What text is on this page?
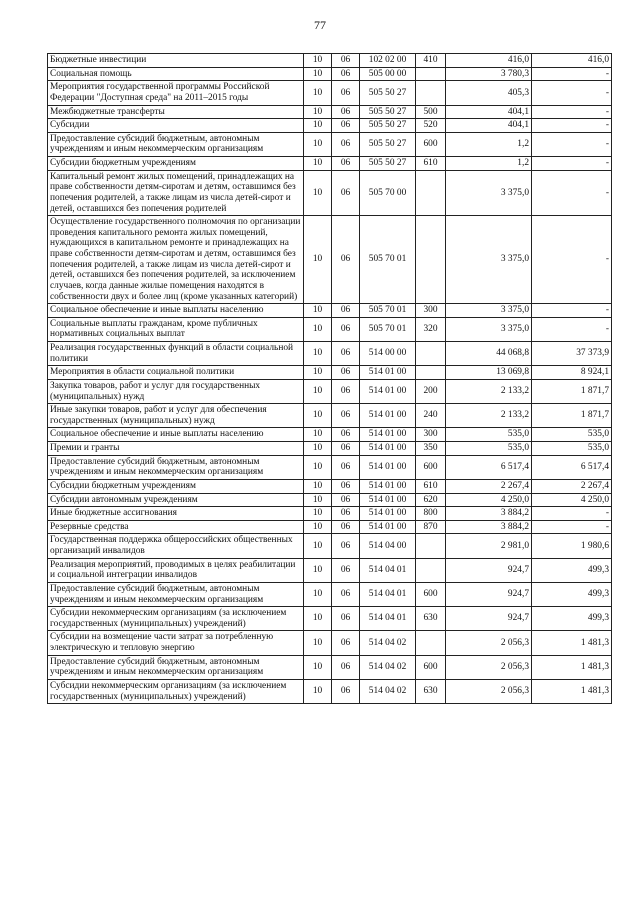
77
Бюджетные инвестиции	10	06	102 02 00	410	416,0	416,0
Социальная помощь	10	06	505 00 00		3 780,3	-
Мероприятия государственной программы Российской Федерации "Доступная среда" на 2011–2015 годы	10	06	505 50 27		405,3	-
Межбюджетные трансферты	10	06	505 50 27	500	404,1	-
Субсидии	10	06	505 50 27	520	404,1	-
Предоставление субсидий бюджетным, автономным учреждениям и иным некоммерческим организациям	10	06	505 50 27	600	1,2	-
Субсидии бюджетным учреждениям	10	06	505 50 27	610	1,2	-
Капитальный ремонт жилых помещений, принадлежащих на праве собственности детям-сиротам и детям, оставшимся без попечения родителей, а также лицам из числа детей-сирот и детей, оставшихся без попечения родителей	10	06	505 70 00		3 375,0	-
Осуществление государственного полномочия по организации проведения капитального ремонта жилых помещений, нуждающихся в капитальном ремонте и принадлежащих на праве собственности детям-сиротам и детям, оставшимся без попечения родителей, а также лицам из числа детей-сирот и детей, оставшихся без попечения родителей, за исключением случаев, когда данные жилые помещения находятся в собственности двух и более лиц (кроме указанных категорий)	10	06	505 70 01		3 375,0	-
Социальное обеспечение и иные выплаты населению	10	06	505 70 01	300	3 375,0	-
Социальные выплаты гражданам, кроме публичных нормативных социальных выплат	10	06	505 70 01	320	3 375,0	-
Реализация государственных функций в области социальной политики	10	06	514 00 00		44 068,8	37 373,9
Мероприятия в области социальной политики	10	06	514 01 00		13 069,8	8 924,1
Закупка товаров, работ и услуг для государственных (муниципальных) нужд	10	06	514 01 00	200	2 133,2	1 871,7
Иные закупки товаров, работ и услуг для обеспечения государственных (муниципальных) нужд	10	06	514 01 00	240	2 133,2	1 871,7
Социальное обеспечение и иные выплаты населению	10	06	514 01 00	300	535,0	535,0
Премии и гранты	10	06	514 01 00	350	535,0	535,0
Предоставление субсидий бюджетным, автономным учреждениям и иным некоммерческим организациям	10	06	514 01 00	600	6 517,4	6 517,4
Субсидии бюджетным учреждениям	10	06	514 01 00	610	2 267,4	2 267,4
Субсидии автономным учреждениям	10	06	514 01 00	620	4 250,0	4 250,0
Иные бюджетные ассигнования	10	06	514 01 00	800	3 884,2	-
Резервные средства	10	06	514 01 00	870	3 884,2	-
Государственная поддержка общероссийских общественных организаций инвалидов	10	06	514 04 00		2 981,0	1 980,6
Реализация мероприятий, проводимых в целях реабилитации и социальной интеграции инвалидов	10	06	514 04 01		924,7	499,3
Предоставление субсидий бюджетным, автономным учреждениям и иным некоммерческим организациям	10	06	514 04 01	600	924,7	499,3
Субсидии некоммерческим организациям (за исключением государственных (муниципальных) учреждений)	10	06	514 04 01	630	924,7	499,3
Субсидии на возмещение части затрат за потребленную электрическую и тепловую энергию	10	06	514 04 02		2 056,3	1 481,3
Предоставление субсидий бюджетным, автономным учреждениям и иным некоммерческим организациям	10	06	514 04 02	600	2 056,3	1 481,3
Субсидии некоммерческим организациям (за исключением государственных (муниципальных) учреждений)	10	06	514 04 02	630	2 056,3	1 481,3
